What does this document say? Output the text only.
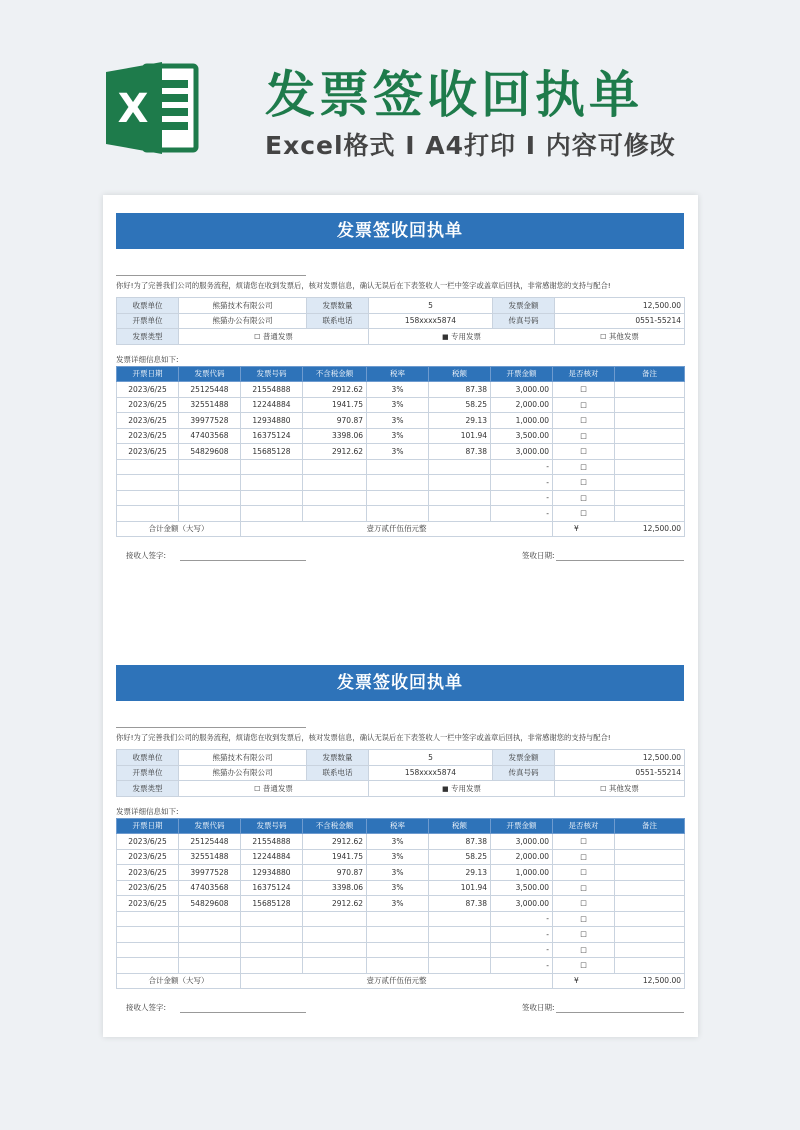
X 发票签收回执单
Excel格式 I A4打印 I 内容可修改
发票签收回执单
你好!为了完善我们公司的服务流程，烦请您在收到发票后，核对发票信息，确认无误后在下表签收人一栏中签字或盖章后回执，非常感谢您的支持与配合!
收票单位	熊猫技术有限公司	发票数量	5	发票金额	12,500.00
开票单位	熊猫办公有限公司	联系电话	158xxxx5874	传真号码	0551-55214
发票类型	☐ 普通发票		■ 专用发票		☐ 其他发票
发票详细信息如下:
开票日期	发票代码	发票号码	不含税金额	税率	税额	开票金额	是否核对	备注
2023/6/25	25125448	21554888	2912.62	3%	87.38	3,000.00	□	
2023/6/25	32551488	12244884	1941.75	3%	58.25	2,000.00	□	
2023/6/25	39977528	12934880	970.87	3%	29.13	1,000.00	□	
2023/6/25	47403568	16375124	3398.06	3%	101.94	3,500.00	□	
2023/6/25	54829608	15685128	2912.62	3%	87.38	3,000.00	□	
						-	□	
						-	□	
						-	□	
						-	□	
合计金额（大写）		壹万贰仟伍佰元整					¥ 12,500.00	
接收人签字:	签收日期:
发票签收回执单
你好!为了完善我们公司的服务流程，烦请您在收到发票后，核对发票信息，确认无误后在下表签收人一栏中签字或盖章后回执，非常感谢您的支持与配合!
收票单位	熊猫技术有限公司	发票数量	5	发票金额	12,500.00
开票单位	熊猫办公有限公司	联系电话	158xxxx5874	传真号码	0551-55214
发票类型	☐ 普通发票		■ 专用发票		☐ 其他发票
发票详细信息如下:
开票日期	发票代码	发票号码	不含税金额	税率	税额	开票金额	是否核对	备注
2023/6/25	25125448	21554888	2912.62	3%	87.38	3,000.00	□	
2023/6/25	32551488	12244884	1941.75	3%	58.25	2,000.00	□	
2023/6/25	39977528	12934880	970.87	3%	29.13	1,000.00	□	
2023/6/25	47403568	16375124	3398.06	3%	101.94	3,500.00	□	
2023/6/25	54829608	15685128	2912.62	3%	87.38	3,000.00	□	
						-	□	
						-	□	
						-	□	
						-	□	
合计金额（大写）		壹万贰仟伍佰元整					¥ 12,500.00	
接收人签字:	签收日期:
